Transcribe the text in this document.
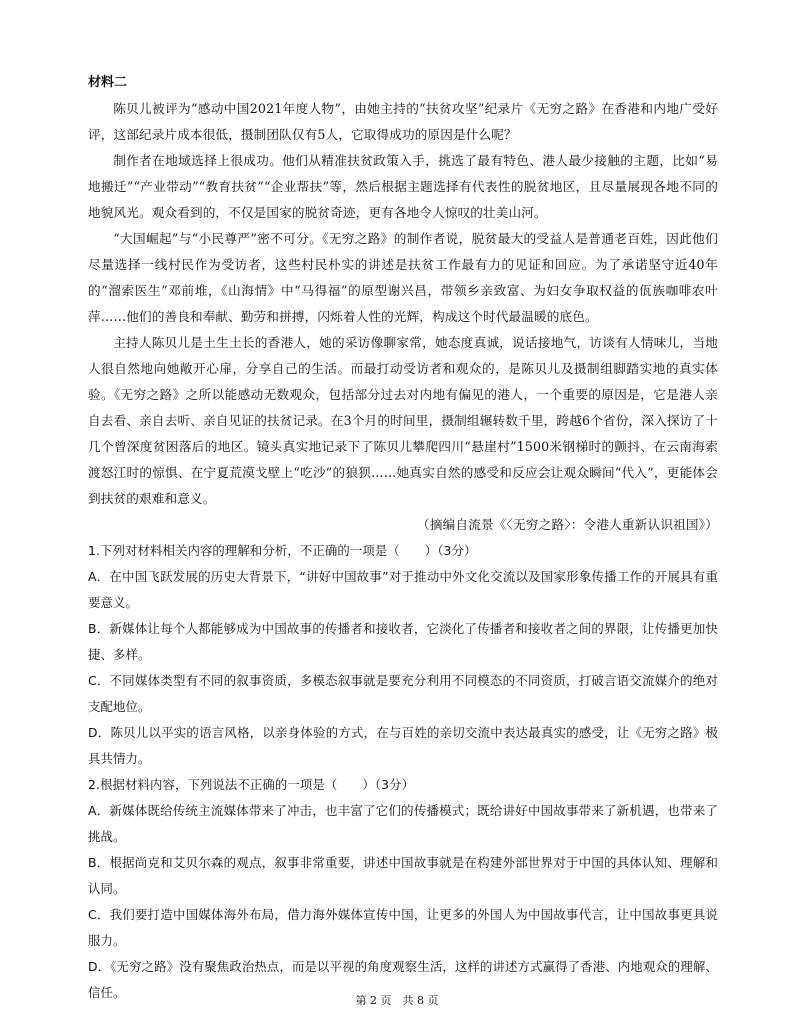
材料二

陈贝儿被评为“感动中国2021年度人物”，由她主持的“扶贫攻坚”纪录片《无穷之路》在香港和内地广受好评，这部纪录片成本很低，摄制团队仅有5人，它取得成功的原因是什么呢？

制作者在地域选择上很成功。他们从精准扶贫政策入手，挑选了最有特色、港人最少接触的主题，比如“易地搬迁”“产业带动”“教育扶贫”“企业帮扶”等，然后根据主题选择有代表性的脱贫地区，且尽量展现各地不同的地貌风光。观众看到的，不仅是国家的脱贫奇迹，更有各地令人惊叹的壮美山河。

“大国崛起”与“小民尊严”密不可分。《无穷之路》的制作者说，脱贫最大的受益人是普通老百姓，因此他们尽量选择一线村民作为受访者，这些村民朴实的讲述是扶贫工作最有力的见证和回应。为了承诺坚守近40年的“溜索医生”邓前堆，《山海情》中“马得福”的原型谢兴昌，带领乡亲致富、为妇女争取权益的佤族咖啡农叶萍……他们的善良和奉献、勤劳和拼搏，闪烁着人性的光辉，构成这个时代最温暖的底色。

主持人陈贝儿是土生土长的香港人，她的采访像聊家常，她态度真诚，说话接地气，访谈有人情味儿，当地人很自然地向她敞开心扉，分享自己的生活。而最打动受访者和观众的，是陈贝儿及摄制组脚踏实地的真实体验。《无穷之路》之所以能感动无数观众，包括部分过去对内地有偏见的港人，一个重要的原因是，它是港人亲自去看、亲自去听、亲自见证的扶贫记录。在3个月的时间里，摄制组辗转数千里，跨越6个省份，深入探访了十几个曾深度贫困落后的地区。镜头真实地记录下了陈贝儿攀爬四川“悬崖村”1500米钢梯时的颤抖、在云南海索渡怒江时的惊惧、在宁夏荒漠戈壁上“吃沙”的狼狈……她真实自然的感受和反应会让观众瞬间“代入”，更能体会到扶贫的艰难和意义。

（摘编自流景《〈无穷之路〉：令港人重新认识祖国》）

1.下列对材料相关内容的理解和分析，不正确的一项是（　　）（3分）

A．在中国飞跃发展的历史大背景下，“讲好中国故事”对于推动中外文化交流以及国家形象传播工作的开展具有重要意义。

B．新媒体让每个人都能够成为中国故事的传播者和接收者，它淡化了传播者和接收者之间的界限，让传播更加快捷、多样。

C．不同媒体类型有不同的叙事资质，多模态叙事就是要充分利用不同模态的不同资质，打破言语交流媒介的绝对支配地位。

D．陈贝儿以平实的语言风格，以亲身体验的方式，在与百姓的亲切交流中表达最真实的感受，让《无穷之路》极具共情力。

2.根据材料内容，下列说法不正确的一项是（　　）（3分）

A．新媒体既给传统主流媒体带来了冲击，也丰富了它们的传播模式；既给讲好中国故事带来了新机遇，也带来了挑战。

B．根据尚克和艾贝尔森的观点，叙事非常重要，讲述中国故事就是在构建外部世界对于中国的具体认知、理解和认同。

C．我们要打造中国媒体海外布局，借力海外媒体宣传中国，让更多的外国人为中国故事代言，让中国故事更具说服力。

D．《无穷之路》没有聚焦政治热点，而是以平视的角度观察生活，这样的讲述方式赢得了香港、内地观众的理解、信任。

第 2 页　共 8 页
